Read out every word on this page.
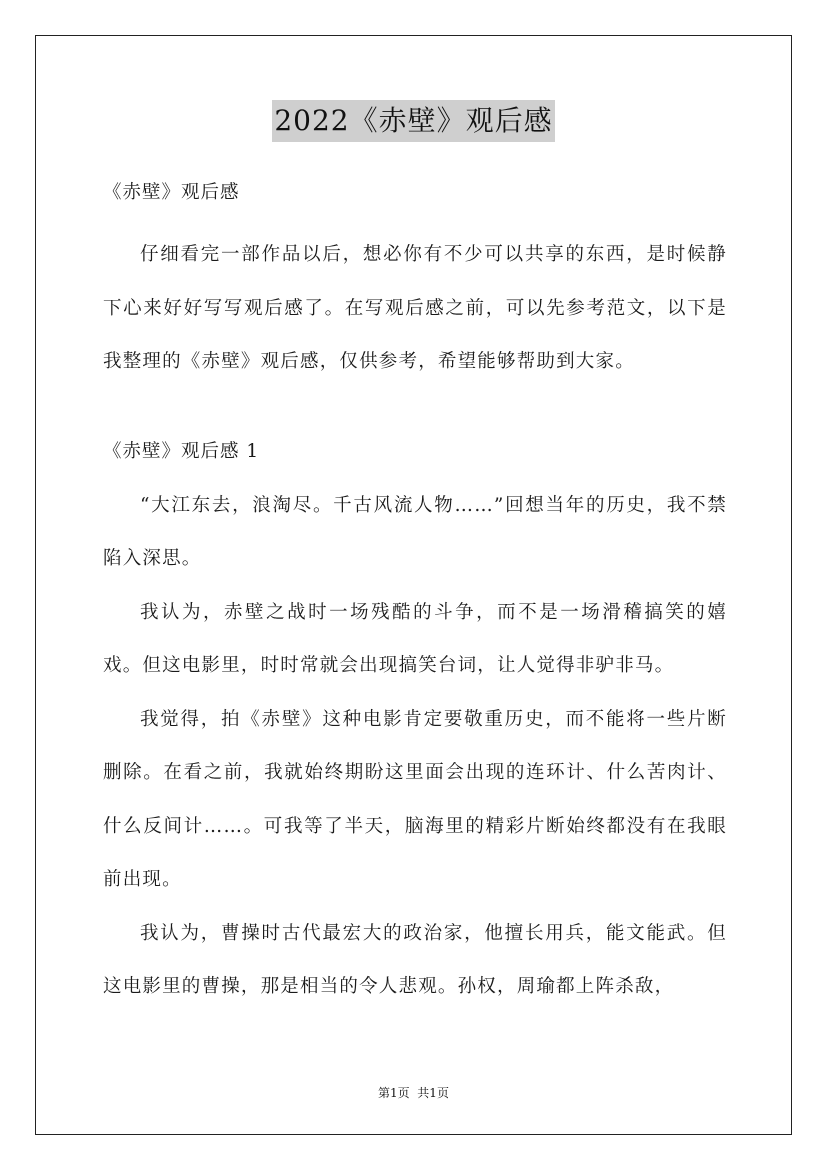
2022《赤壁》观后感
《赤壁》观后感

仔细看完一部作品以后，想必你有不少可以共享的东西，是时候静下心来好好写写观后感了。在写观后感之前，可以先参考范文，以下是我整理的《赤壁》观后感，仅供参考，希望能够帮助到大家。

《赤壁》观后感 1

“大江东去，浪淘尽。千古风流人物……”回想当年的历史，我不禁陷入深思。

我认为，赤壁之战时一场残酷的斗争，而不是一场滑稽搞笑的嬉戏。但这电影里，时时常就会出现搞笑台词，让人觉得非驴非马。

我觉得，拍《赤壁》这种电影肯定要敬重历史，而不能将一些片断删除。在看之前，我就始终期盼这里面会出现的连环计、什么苦肉计、什么反间计……。可我等了半天，脑海里的精彩片断始终都没有在我眼前出现。

我认为，曹操时古代最宏大的政治家，他擅长用兵，能文能武。但这电影里的曹操，那是相当的令人悲观。孙权，周瑜都上阵杀敌，

第1页  共1页
